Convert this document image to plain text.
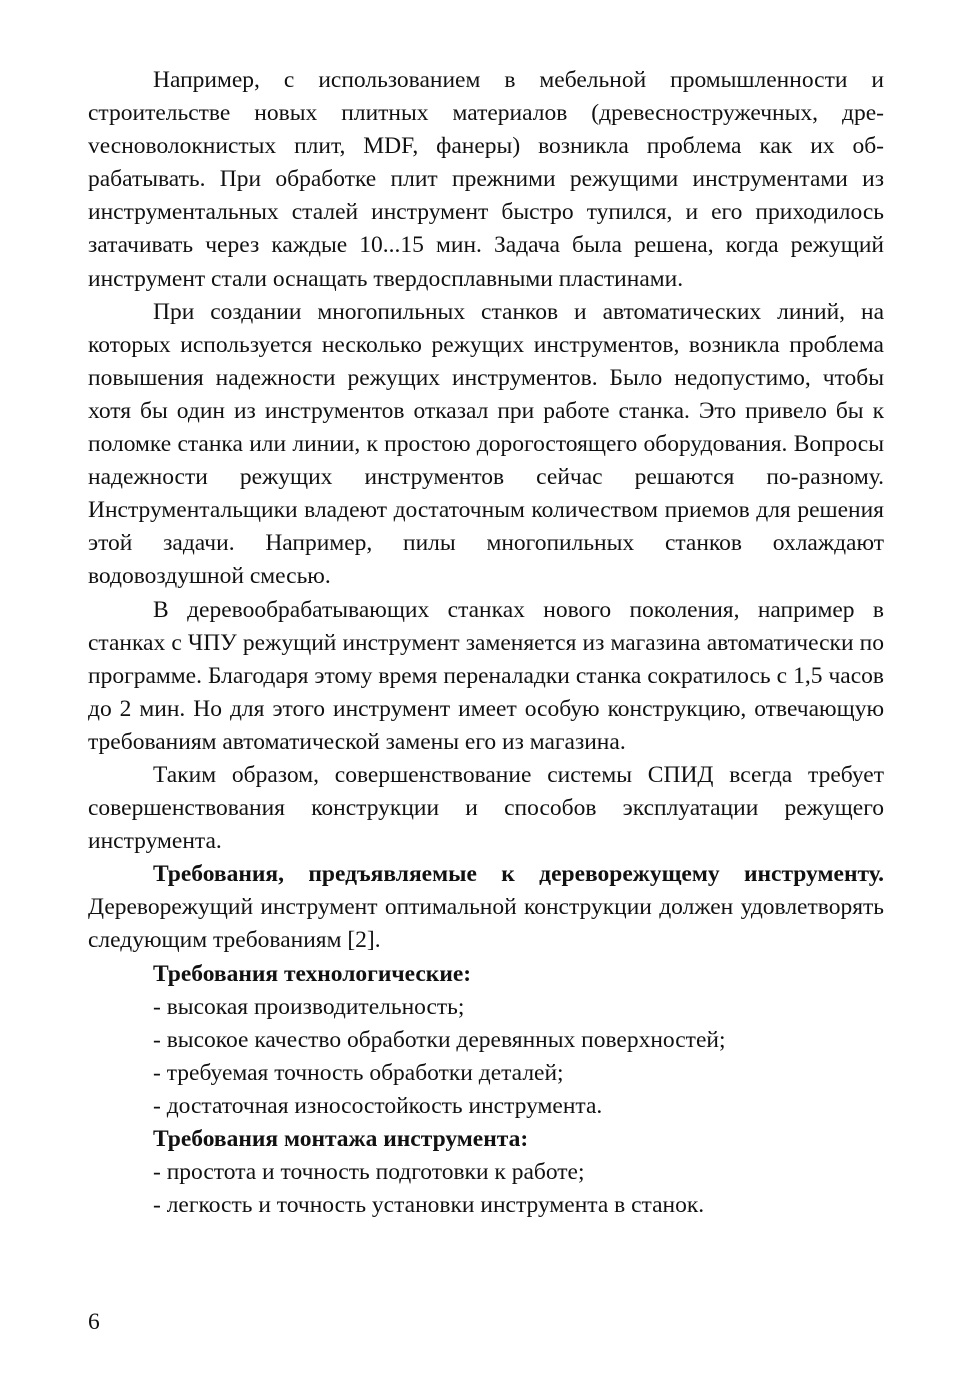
Например, с использованием в мебельной промышленности и строительстве новых плитных материалов (древесностружечных, дреvесноволокнистых плит, MDF, фанеры) возникла проблема как их обрабатывать. При обработке плит прежними режущими инструментами из инструментальных сталей инструмент быстро тупился, и его приходилось затачивать через каждые 10...15 мин. Задача была решена, когда режущий инструмент стали оснащать твердосплавными пластинами.

При создании многопильных станков и автоматических линий, на которых используется несколько режущих инструментов, возникла проблема повышения надежности режущих инструментов. Было недопустимо, чтобы хотя бы один из инструментов отказал при работе станка. Это привело бы к поломке станка или линии, к простою дорогостоящего оборудования. Вопросы надежности режущих инструментов сейчас решаются по-разному. Инструментальщики владеют достаточным количеством приемов для решения этой задачи. Например, пилы многопильных станков охлаждают водовоздушной смесью.

В деревообрабатывающих станках нового поколения, например в станках с ЧПУ режущий инструмент заменяется из магазина автоматически по программе. Благодаря этому время переналадки станка сократилось с 1,5 часов до 2 мин. Но для этого инструмент имеет особую конструкцию, отвечающую требованиям автоматической замены его из магазина.

Таким образом, совершенствование системы СПИД всегда требует совершенствования конструкции и способов эксплуатации режущего инструмента.

Требования, предъявляемые к дереворежущему инструменту. Дереворежущий инструмент оптимальной конструкции должен удовлетворять следующим требованиям [2].

Требования технологические:

- высокая производительность;
- высокое качество обработки деревянных поверхностей;
- требуемая точность обработки деталей;
- достаточная износостойкость инструмента.

Требования монтажа инструмента:

- простота и точность подготовки к работе;
- легкость и точность установки инструмента в станок.
6
